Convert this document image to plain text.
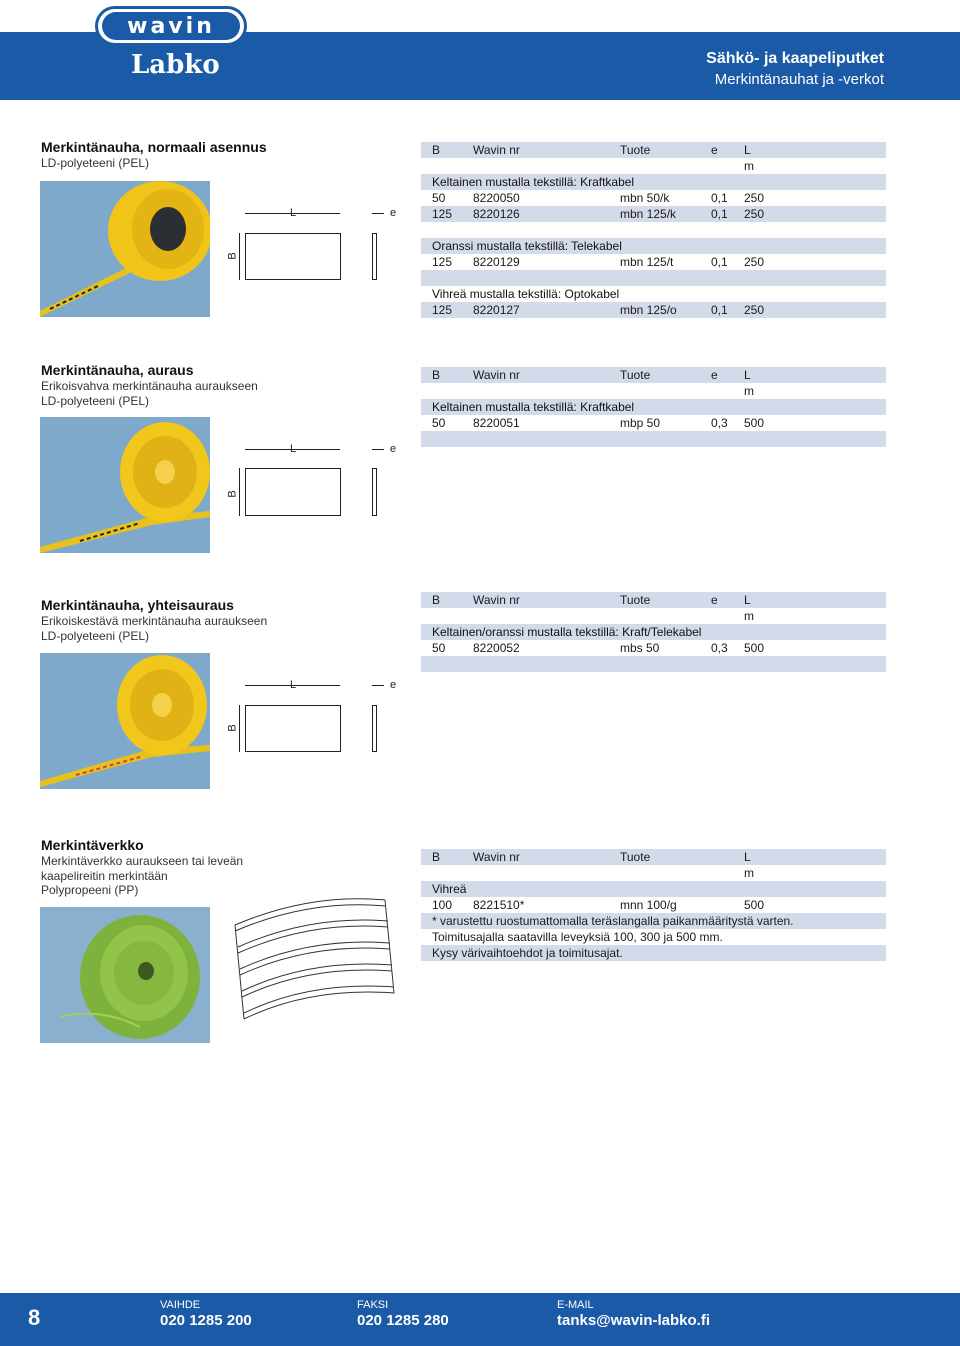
wavin
Labko	Sähkö- ja kaapeliputket
Merkintänauhat ja -verkot
Merkintänauha, normaali asennus
LD-polyeteeni (PEL)
e
B
B	Wavin nr	Tuote	e L
m
Keltainen mustalla tekstillä: Kraftkabel
50 8220050	mbn 50/k	0,1 250
125 8220126	mbn 125/k	0,1 250
Oranssi mustalla tekstillä: Telekabel
125 8220129	mbn 125/t	0,1 250
Vihreä mustalla tekstillä: Optokabel
125 8220127	mbn 125/o	0,1 250
Merkintänauha, auraus
Erikoisvahva merkintänauha auraukseen
LD-polyeteeni (PEL)
e
B
B	Wavin nr	Tuote	e L
m
Keltainen mustalla tekstillä: Kraftkabel
50 8220051	mbp 50	0,3 500
Merkintänauha, yhteisauraus
Erikoiskestävä merkintänauha auraukseen
LD-polyeteeni (PEL)
e
B
B	Wavin nr	Tuote	e L
m
Keltainen/oranssi mustalla tekstillä: Kraft/Telekabel
50 8220052	mbs 50	0,3 500
Merkintäverkko
Merkintäverkko auraukseen tai leveän
kaapelireitin merkintään
Polypropeeni (PP)
B	Wavin nr	Tuote	L
m
Vihreä
100 8221510*	mnn 100/g	500
* varustettu ruostumattomalla teräslangalla paikanmääritystä varten.
Toimitusajalla saatavilla leveyksiä 100, 300 ja 500 mm.
Kysy värivaihtoehdot ja toimitusajat.
8	VAIHDE
020 1285 200
FAKSI
020 1285 280
E-MAIL
tanks@wavin-labko.fi
